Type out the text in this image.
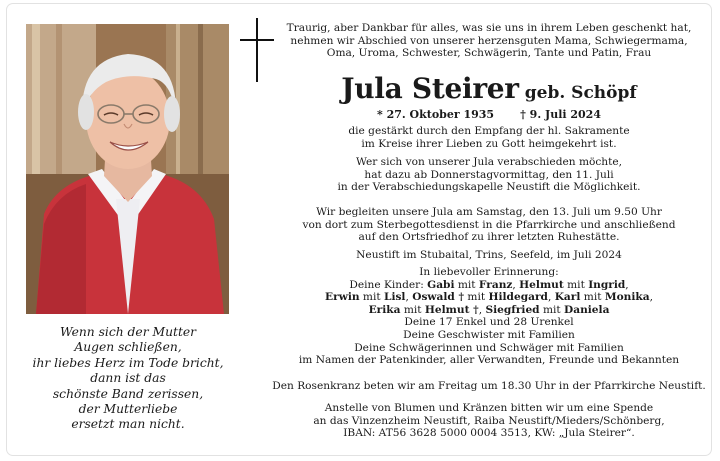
Wenn sich der Mutter
Augen schließen,
ihr liebes Herz im Tode bricht,
dann ist das
schönste Band zerissen,
der Mutterliebe
ersetzt man nicht.
Traurig, aber Dankbar für alles, was sie uns in ihrem Leben geschenkt hat,
nehmen wir Abschied von unserer herzensguten Mama, Schwiegermama,
Oma, Uroma, Schwester, Schwägerin, Tante und Patin, Frau
Jula Steirer geb. Schöpf
* 27. Oktober 1935 † 9. Juli 2024
die gestärkt durch den Empfang der hl. Sakramente
im Kreise ihrer Lieben zu Gott heimgekehrt ist.
Wer sich von unserer Jula verabschieden möchte,
hat dazu ab Donnerstagvormittag, den 11. Juli
in der Verabschiedungskapelle Neustift die Möglichkeit.
Wir begleiten unsere Jula am Samstag, den 13. Juli um 9.50 Uhr
von dort zum Sterbegottesdienst in die Pfarrkirche und anschließend
auf den Ortsfriedhof zu ihrer letzten Ruhestätte.
Neustift im Stubaital, Trins, Seefeld, im Juli 2024
In liebevoller Erinnerung:
Deine Kinder: Gabi mit Franz, Helmut mit Ingrid,
Erwin mit Lisl, Oswald † mit Hildegard, Karl mit Monika,
Erika mit Helmut †, Siegfried mit Daniela
Deine 17 Enkel und 28 Urenkel
Deine Geschwister mit Familien
Deine Schwägerinnen und Schwäger mit Familien
im Namen der Patenkinder, aller Verwandten, Freunde und Bekannten
Den Rosenkranz beten wir am Freitag um 18.30 Uhr in der Pfarrkirche Neustift.
Anstelle von Blumen und Kränzen bitten wir um eine Spende
an das Vinzenzheim Neustift, Raiba Neustift/Mieders/Schönberg,
IBAN: AT56 3628 5000 0004 3513, KW: „Jula Steirer“.
